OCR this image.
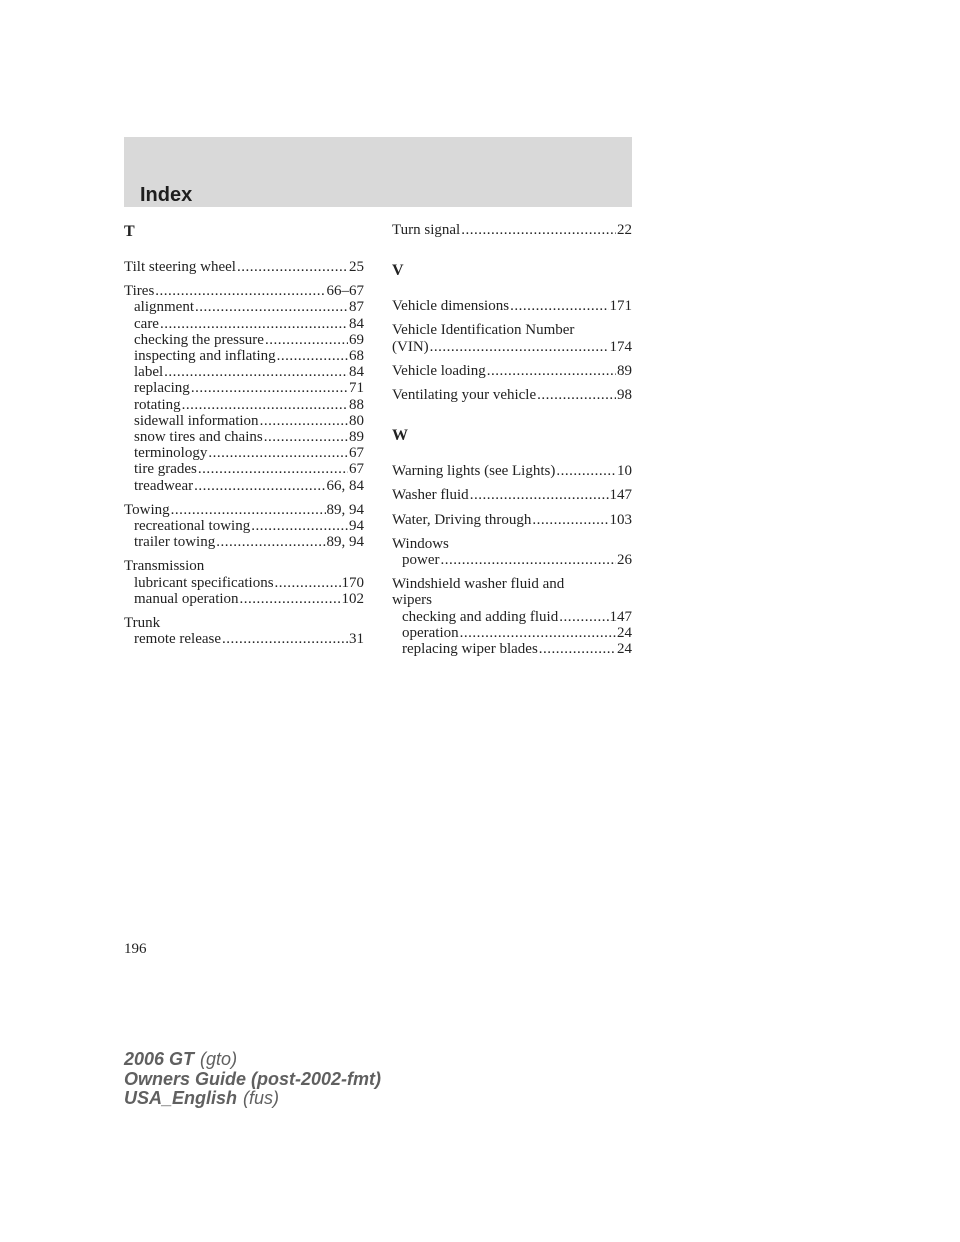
Index
T
Tilt steering wheel .....	25
Tires .....	66–67
alignment .....	87
care .....	84
checking the pressure .....	69
inspecting and inflating .....	68
label .....	84
replacing .....	71
rotating .....	88
sidewall information .....	80
snow tires and chains .....	89
terminology .....	67
tire grades .....	67
treadwear .....	66, 84
Towing .....	89, 94
recreational towing .....	94
trailer towing .....	89, 94
Transmission
lubricant specifications .....	170
manual operation .....	102
Trunk
remote release .....	31
Turn signal .....	22
V
Vehicle dimensions .....	171
Vehicle Identification Number
(VIN) .....	174
Vehicle loading .....	89
Ventilating your vehicle .....	98
W
Warning lights (see Lights) .....	10
Washer fluid .....	147
Water, Driving through .....	103
Windows
power .....	26
Windshield washer fluid and
wipers
checking and adding fluid .....	147
operation .....	24
replacing wiper blades .....	24
196
2006 GT (gto)
Owners Guide (post-2002-fmt)
USA_English (fus)
